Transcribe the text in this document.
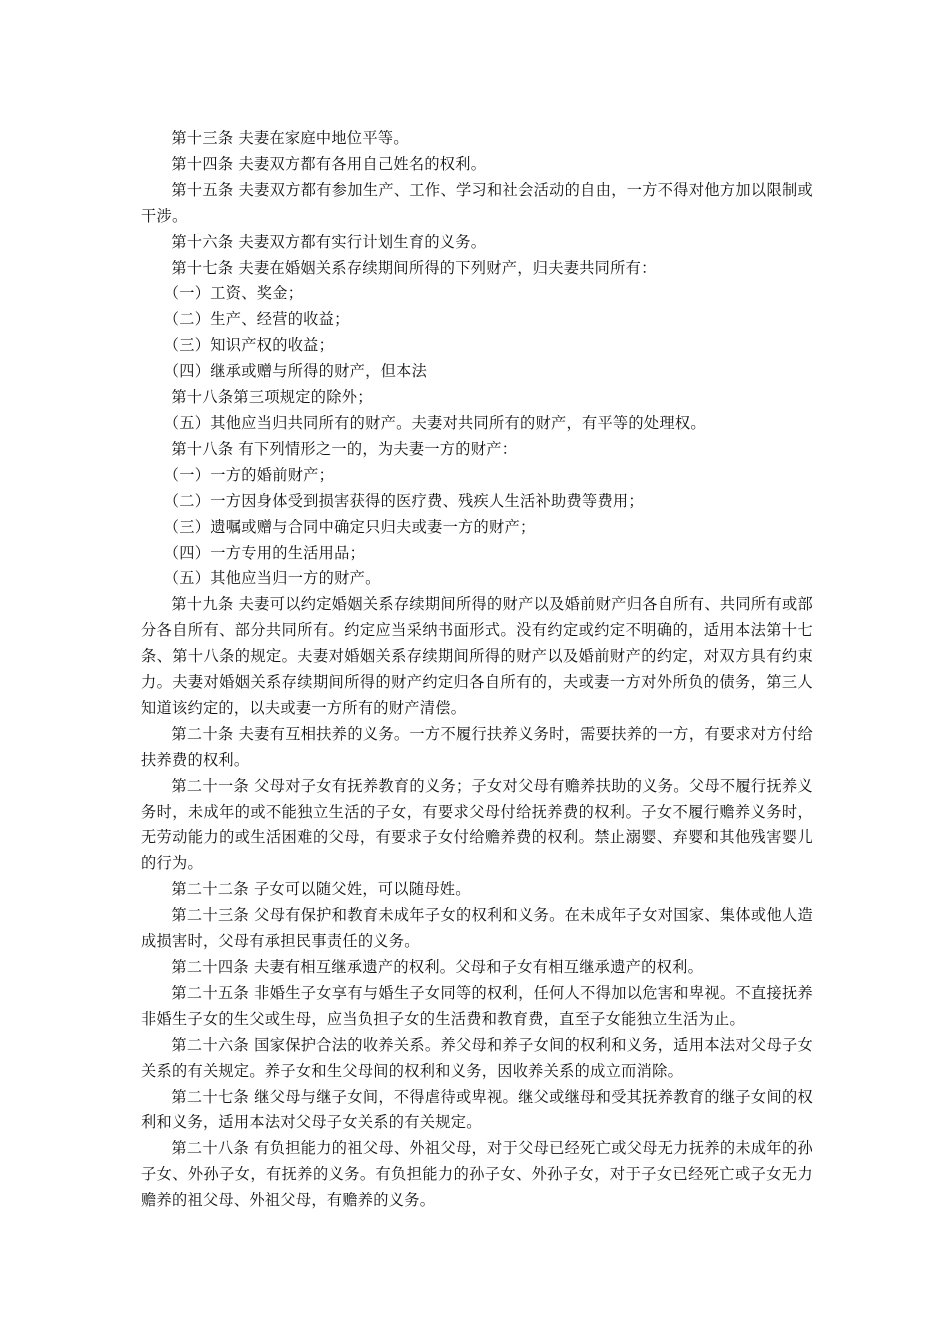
第十三条 夫妻在家庭中地位平等。

第十四条 夫妻双方都有各用自己姓名的权利。

第十五条 夫妻双方都有参加生产、工作、学习和社会活动的自由，一方不得对他方加以限制或干涉。

第十六条 夫妻双方都有实行计划生育的义务。

第十七条 夫妻在婚姻关系存续期间所得的下列财产，归夫妻共同所有：

（一）工资、奖金；

（二）生产、经营的收益；

（三）知识产权的收益；

（四）继承或赠与所得的财产，但本法

第十八条第三项规定的除外；

（五）其他应当归共同所有的财产。夫妻对共同所有的财产，有平等的处理权。

第十八条 有下列情形之一的，为夫妻一方的财产：

（一）一方的婚前财产；

（二）一方因身体受到损害获得的医疗费、残疾人生活补助费等费用；

（三）遗嘱或赠与合同中确定只归夫或妻一方的财产；

（四）一方专用的生活用品；

（五）其他应当归一方的财产。

第十九条 夫妻可以约定婚姻关系存续期间所得的财产以及婚前财产归各自所有、共同所有或部分各自所有、部分共同所有。约定应当采纳书面形式。没有约定或约定不明确的，适用本法第十七条、第十八条的规定。夫妻对婚姻关系存续期间所得的财产以及婚前财产的约定，对双方具有约束力。夫妻对婚姻关系存续期间所得的财产约定归各自所有的，夫或妻一方对外所负的债务，第三人知道该约定的，以夫或妻一方所有的财产清偿。

第二十条 夫妻有互相扶养的义务。一方不履行扶养义务时，需要扶养的一方，有要求对方付给扶养费的权利。

第二十一条 父母对子女有抚养教育的义务；子女对父母有赡养扶助的义务。父母不履行抚养义务时，未成年的或不能独立生活的子女，有要求父母付给抚养费的权利。子女不履行赡养义务时，无劳动能力的或生活困难的父母，有要求子女付给赡养费的权利。禁止溺婴、弃婴和其他残害婴儿的行为。

第二十二条 子女可以随父姓，可以随母姓。

第二十三条 父母有保护和教育未成年子女的权利和义务。在未成年子女对国家、集体或他人造成损害时，父母有承担民事责任的义务。

第二十四条 夫妻有相互继承遗产的权利。父母和子女有相互继承遗产的权利。

第二十五条 非婚生子女享有与婚生子女同等的权利，任何人不得加以危害和卑视。不直接抚养非婚生子女的生父或生母，应当负担子女的生活费和教育费，直至子女能独立生活为止。

第二十六条 国家保护合法的收养关系。养父母和养子女间的权利和义务，适用本法对父母子女关系的有关规定。养子女和生父母间的权利和义务，因收养关系的成立而消除。

第二十七条 继父母与继子女间，不得虐待或卑视。继父或继母和受其抚养教育的继子女间的权利和义务，适用本法对父母子女关系的有关规定。

第二十八条 有负担能力的祖父母、外祖父母，对于父母已经死亡或父母无力抚养的未成年的孙子女、外孙子女，有抚养的义务。有负担能力的孙子女、外孙子女，对于子女已经死亡或子女无力赡养的祖父母、外祖父母，有赡养的义务。
